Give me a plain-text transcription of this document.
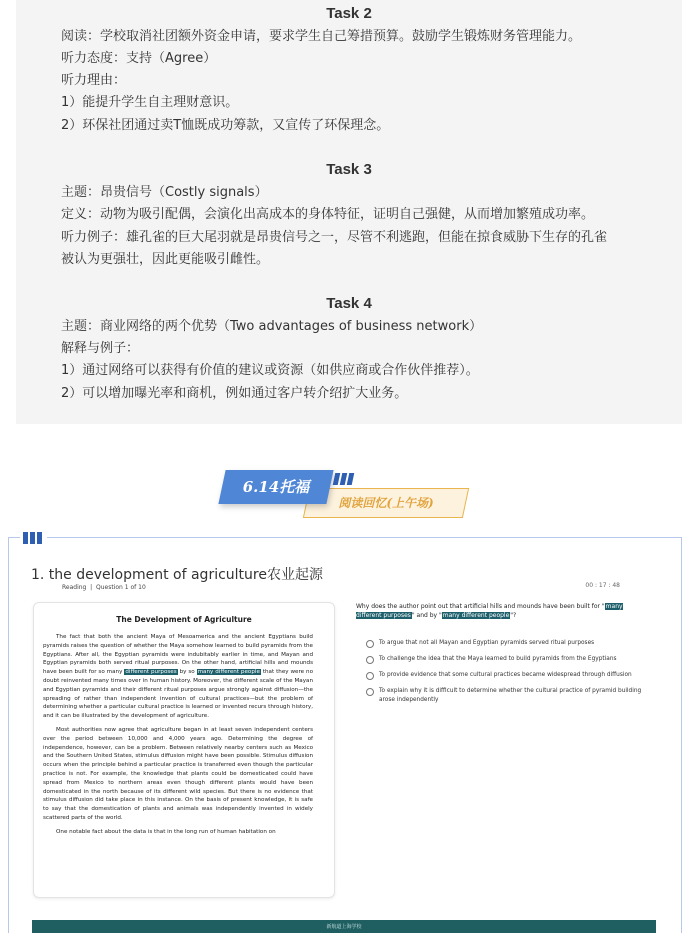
Task 2
阅读：学校取消社团额外资金申请，要求学生自己筹措预算。鼓励学生锻炼财务管理能力。
听力态度：支持（Agree）
听力理由：
1）能提升学生自主理财意识。
2）环保社团通过卖T恤既成功筹款，又宣传了环保理念。
Task 3
主题：昂贵信号（Costly signals）
定义：动物为吸引配偶，会演化出高成本的身体特征，证明自己强健，从而增加繁殖成功率。
听力例子：雄孔雀的巨大尾羽就是昂贵信号之一，尽管不利逃跑，但能在掠食威胁下生存的孔雀
被认为更强壮，因此更能吸引雌性。
Task 4
主题：商业网络的两个优势（Two advantages of business network）
解释与例子：
1）通过网络可以获得有价值的建议或资源（如供应商或合作伙伴推荐）。
2）可以增加曝光率和商机，例如通过客户转介绍扩大业务。
阅读回忆(上午场)
6.14托福
1. the development of agriculture农业起源
Reading  |  Question 1 of 10	00 : 17 : 48
The Development of Agriculture

The fact that both the ancient Maya of Mesoamerica and the ancient Egyptians build pyramids raises the question of whether the Maya somehow learned to build pyramids from the Egyptians. After all, the Egyptian pyramids were indubitably earlier in time, and Mayan and Egyptian pyramids both served ritual purposes. On the other hand, artificial hills and mounds have been built for so many different purposes by so many different people that they were no doubt reinvented many times over in human history. Moreover, the different scale of the Mayan and Egyptian pyramids and their different ritual purposes argue strongly against diffusion—the spreading of rather than independent invention of cultural practices—but the problem of determining whether a particular cultural practice is learned or invented recurs through history, and it can be illustrated by the development of agriculture.

Most authorities now agree that agriculture began in at least seven independent centers over the period between 10,000 and 4,000 years ago. Determining the degree of independence, however, can be a problem. Between relatively nearby centers such as Mexico and the Southern United States, stimulus diffusion might have been possible. Stimulus diffusion occurs when the principle behind a particular practice is transferred even though the particular practice is not. For example, the knowledge that plants could be domesticated could have spread from Mexico to northern areas even though different plants would have been domesticated in the north because of its different wild species. But there is no evidence that stimulus diffusion did take place in this instance. On the basis of present knowledge, it is safe to say that the domestication of plants and animals was independently invented in widely scattered parts of the world.

One notable fact about the data is that in the long run of human habitation on

Why does the author point out that artificial hills and mounds have been built for "many different purposes" and by "many different people"?
To argue that not all Mayan and Egyptian pyramids served ritual purposes
To challenge the idea that the Maya learned to build pyramids from the Egyptians
To provide evidence that some cultural practices became widespread through diffusion
To explain why it is difficult to determine whether the cultural practice of pyramid building arose independently
新航道上海学校
